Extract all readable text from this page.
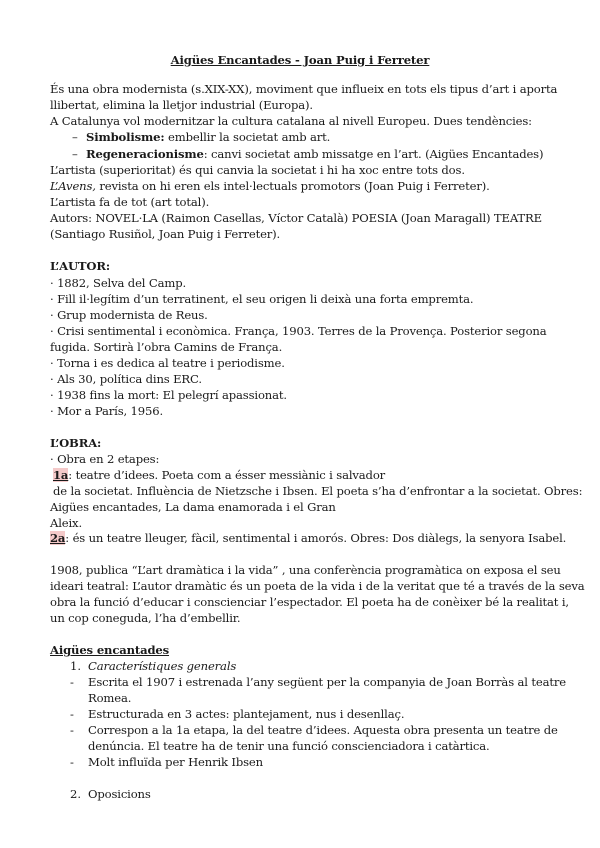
Aigües Encantades - Joan Puig i Ferreter
És una obra modernista (s.XIX-XX), moviment que influeix en tots els tipus d’art i aporta
llibertat, elimina la lletjor industrial (Europa).
A Catalunya vol modernitzar la cultura catalana al nivell Europeu. Dues tendències:
– Simbolisme: embellir la societat amb art.
– Regeneracionisme: canvi societat amb missatge en l’art. (Aigües Encantades)
L’artista (superioritat) és qui canvia la societat i hi ha xoc entre tots dos.
L’Avens, revista on hi eren els intel·lectuals promotors (Joan Puig i Ferreter).
L’artista fa de tot (art total).
Autors: NOVEL·LA (Raimon Casellas, Víctor Català) POESIA (Joan Maragall) TEATRE
(Santiago Rusiñol, Joan Puig i Ferreter).
L’AUTOR:
· 1882, Selva del Camp.
· Fill il·legítim d’un terratinent, el seu origen li deixà una forta empremta.
· Grup modernista de Reus.
· Crisi sentimental i econòmica. França, 1903. Terres de la Provença. Posterior segona
fugida. Sortirà l’obra Camins de França.
· Torna i es dedica al teatre i periodisme.
· Als 30, política dins ERC.
· 1938 fins la mort: El pelegrí apassionat.
· Mor a París, 1956.
L’OBRA:
· Obra en 2 etapes:
1a: teatre d’idees. Poeta com a ésser messiànic i salvador
de la societat. Influència de Nietzsche i Ibsen. El poeta s’ha d’enfrontar a la societat. Obres:
Aigües encantades, La dama enamorada i el Gran
Aleix.
2a: és un teatre lleuger, fàcil, sentimental i amorós. Obres: Dos diàlegs, la senyora Isabel.
1908, publica “L’art dramàtica i la vida” , una conferència programàtica on exposa el seu
ideari teatral: L’autor dramàtic és un poeta de la vida i de la veritat que té a través de la seva
obra la funció d’educar i conscienciar l’espectador. El poeta ha de conèixer bé la realitat i,
un cop coneguda, l’ha d’embellir.
Aigües encantades
1. Característiques generals
- Escrita el 1907 i estrenada l’any següent per la companyia de Joan Borràs al teatre
Romea.
- Estructurada en 3 actes: plantejament, nus i desenllaç.
- Correspon a la 1a etapa, la del teatre d’idees. Aquesta obra presenta un teatre de
denúncia. El teatre ha de tenir una funció conscienciadora i catàrtica.
- Molt influïda per Henrik Ibsen
2. Oposicions
